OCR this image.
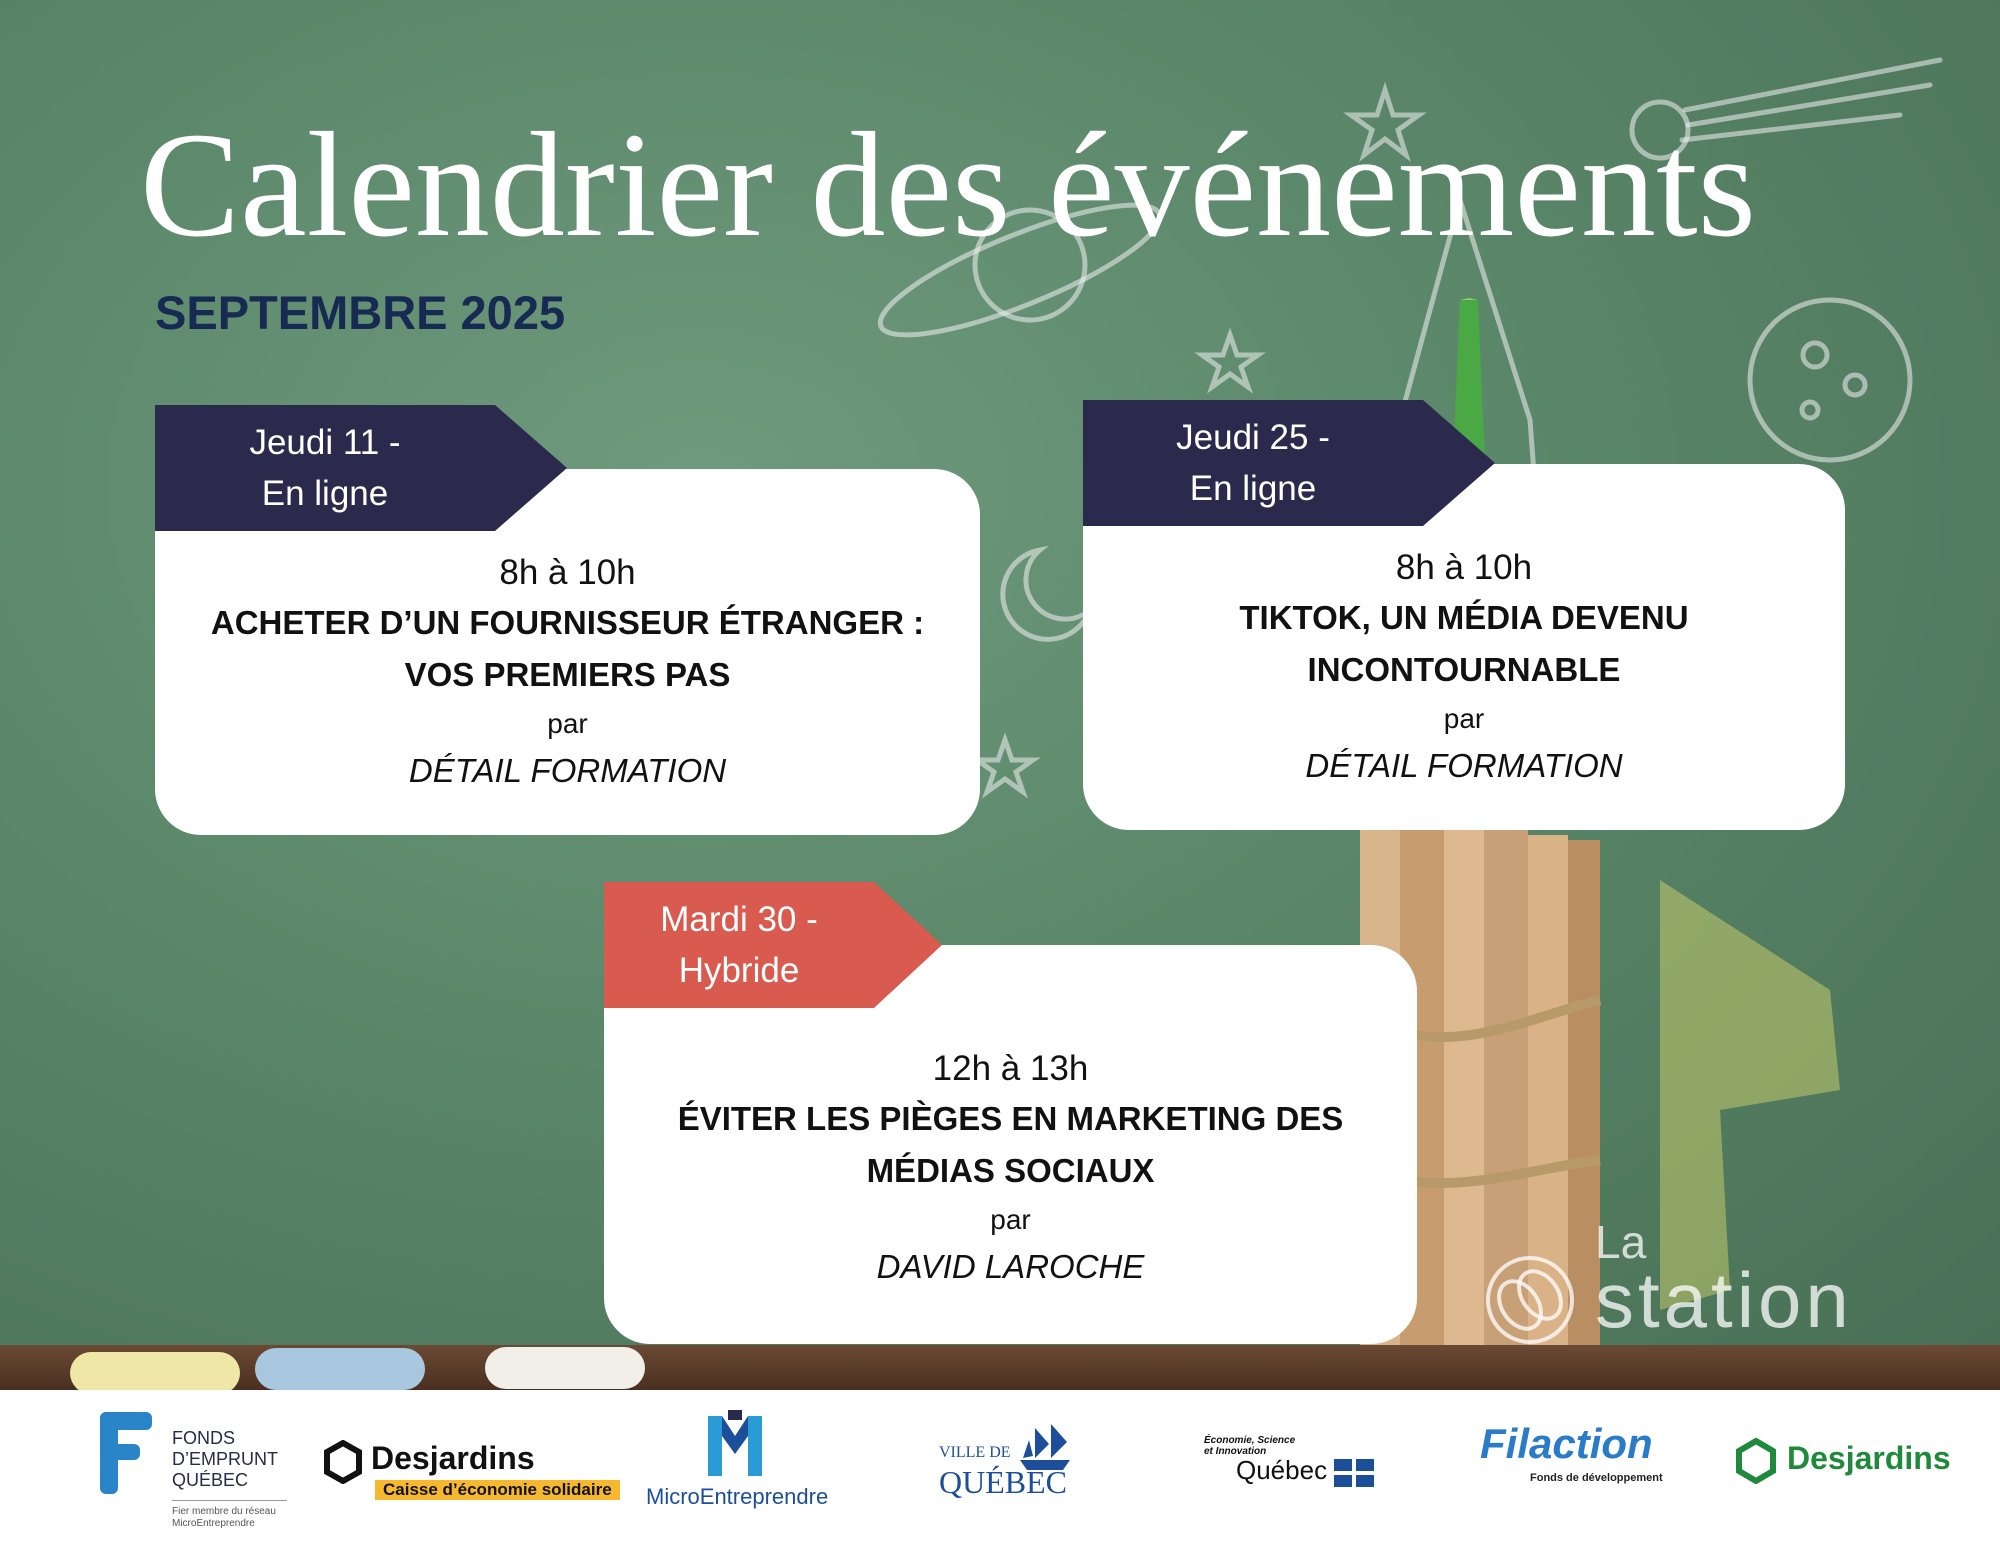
Calendrier des événements
SEPTEMBRE 2025
8h à 10h
ACHETER D’UN FOURNISSEUR ÉTRANGER :
VOS PREMIERS PAS
par
DÉTAIL FORMATION
Jeudi 11 -
En ligne
8h à 10h
TIKTOK, UN MÉDIA DEVENU
INCONTOURNABLE
par
DÉTAIL FORMATION
Jeudi 25 -
En ligne
12h à 13h
ÉVITER LES PIÈGES EN MARKETING DES
MÉDIAS SOCIAUX
par
DAVID LAROCHE
Mardi 30 -
Hybride
La
station
FONDS
D’EMPRUNT
QUÉBEC
Fier membre du réseau
MicroEntreprendre
Desjardins
Caisse d’économie solidaire	MicroEntreprendre
VILLE DE
QUÉBEC
Économie, Science
et Innovation
Québec
Filaction
Fonds de développement
Desjardins
